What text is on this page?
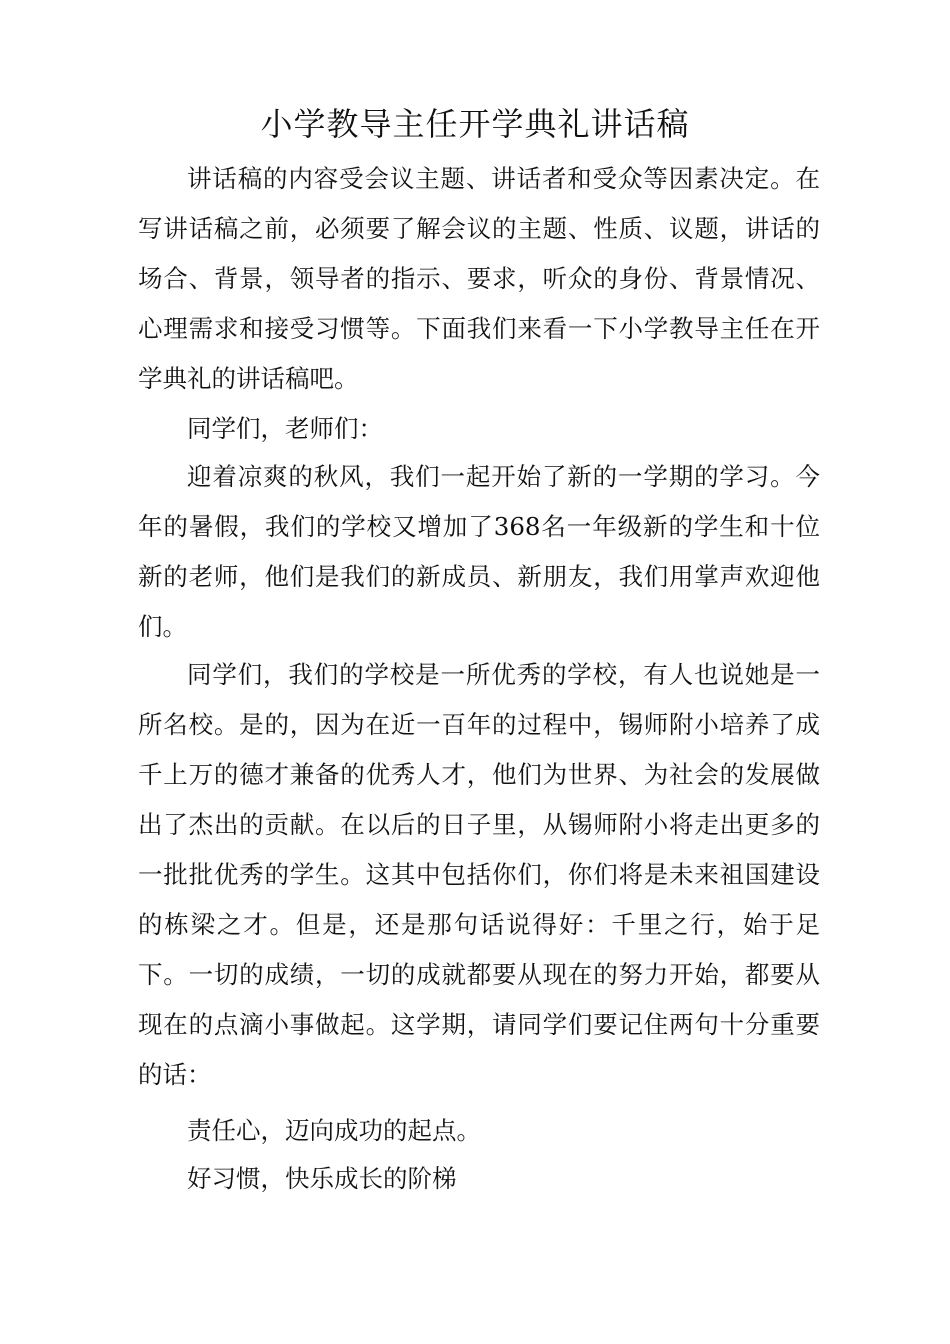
小学教导主任开学典礼讲话稿

讲话稿的内容受会议主题、讲话者和受众等因素决定。在写讲话稿之前，必须要了解会议的主题、性质、议题，讲话的场合、背景，领导者的指示、要求，听众的身份、背景情况、心理需求和接受习惯等。下面我们来看一下小学教导主任在开学典礼的讲话稿吧。

同学们，老师们：

迎着凉爽的秋风，我们一起开始了新的一学期的学习。今年的暑假，我们的学校又增加了368名一年级新的学生和十位新的老师，他们是我们的新成员、新朋友，我们用掌声欢迎他们。

同学们，我们的学校是一所优秀的学校，有人也说她是一所名校。是的，因为在近一百年的过程中，锡师附小培养了成千上万的德才兼备的优秀人才，他们为世界、为社会的发展做出了杰出的贡献。在以后的日子里，从锡师附小将走出更多的一批批优秀的学生。这其中包括你们，你们将是未来祖国建设的栋梁之才。但是，还是那句话说得好：千里之行，始于足下。一切的成绩，一切的成就都要从现在的努力开始，都要从现在的点滴小事做起。这学期，请同学们要记住两句十分重要的话：

责任心，迈向成功的起点。

好习惯，快乐成长的阶梯
